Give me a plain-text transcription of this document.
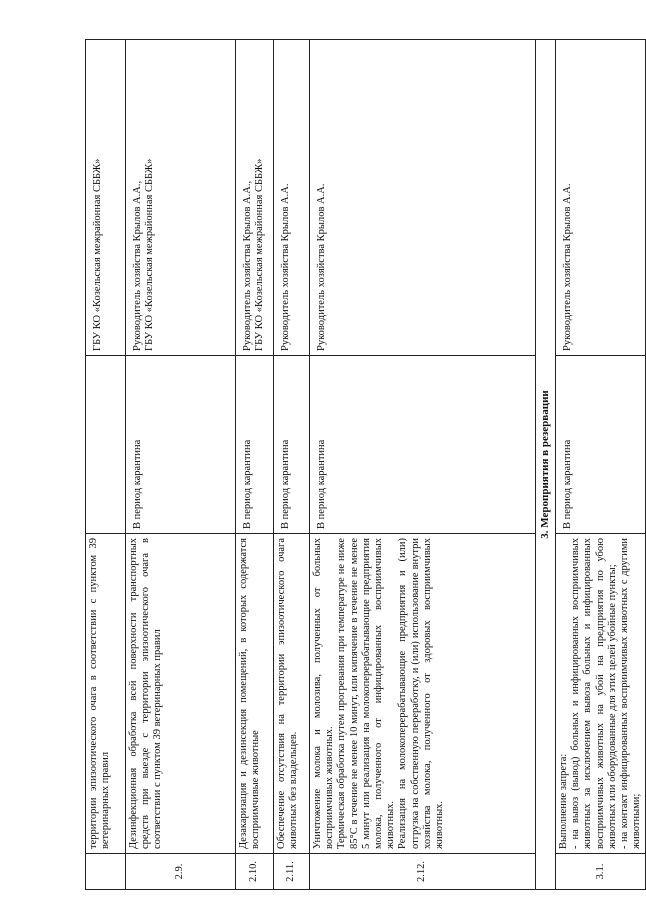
	территории эпизоотического очага в соответствии с пунктом 39 ветеринарных правил		ГБУ КО «Козельская межрайонная СББЖ»

2.9.	Дезинфекционная обработка всей поверхности транспортных средств при выезде с территории эпизоотического очага в соответствии с пунктом 39 ветеринарных правил	В период карантина	Руководитель хозяйства Крылов А.А., ГБУ КО «Козельская межрайонная СББЖ»

2.10.	Дезакаризация и дезинсекция помещений, в которых содержатся восприимчивые животные	В период карантина	Руководитель хозяйства Крылов А.А., ГБУ КО «Козельская межрайонная СББЖ»

2.11.	Обеспечение отсутствия на территории эпизоотического очага животных без владельцев.	В период карантина	Руководитель хозяйства Крылов А.А.

2.12.	Уничтожение молока и молозива, полученных от больных восприимчивых животных. Термическая обработка путем прогревания при температуре не ниже 85°С в течение не менее 10 минут, или кипячение в течение не менее 5 минут или реализация на молокоперерабатывающие предприятия молока, полученного от инфицированных восприимчивых животных. Реализация на молокоперерабатывающие предприятия и (или) отгрузка на собственную переработку, и (или) использование внутри хозяйства молока, полученного от здоровых восприимчивых животных.	В период карантина	Руководитель хозяйства Крылов А.А.

3. Мероприятия в резервации			
3.1.	Выполнение запрета: - на вывоз (вывод) больных и инфицированных восприимчивых животных за исключением вывоза больных и инфицированных восприимчивых животных на убой на предприятия по убою животных или оборудованные для этих целей убойные пункты; - на контакт инфицированных восприимчивых животных с другими животными;	В период карантина	Руководитель хозяйства Крылов А.А.
